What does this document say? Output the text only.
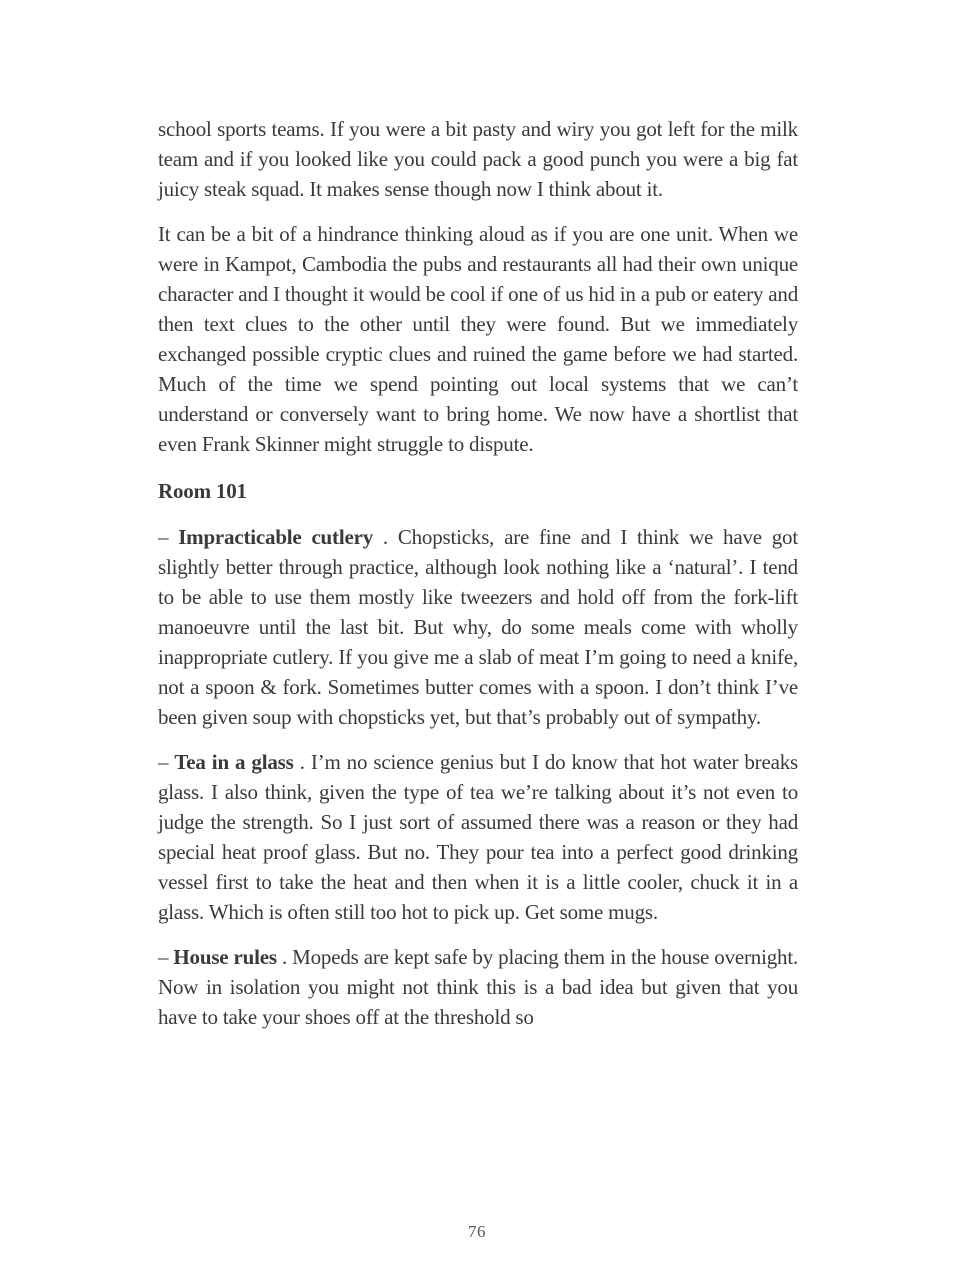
school sports teams. If you were a bit pasty and wiry you got left for the milk team and if you looked like you could pack a good punch you were a big fat juicy steak squad. It makes sense though now I think about it.

It can be a bit of a hindrance thinking aloud as if you are one unit. When we were in Kampot, Cambodia the pubs and restaurants all had their own unique character and I thought it would be cool if one of us hid in a pub or eatery and then text clues to the other until they were found. But we immediately exchanged possible cryptic clues and ruined the game before we had started. Much of the time we spend pointing out local systems that we can’t understand or conversely want to bring home. We now have a shortlist that even Frank Skinner might struggle to dispute.

Room 101

– Impracticable cutlery . Chopsticks, are fine and I think we have got slightly better through practice, although look nothing like a ‘natural’. I tend to be able to use them mostly like tweezers and hold off from the fork-lift manoeuvre until the last bit. But why, do some meals come with wholly inappropriate cutlery. If you give me a slab of meat I’m going to need a knife, not a spoon & fork. Sometimes butter comes with a spoon. I don’t think I’ve been given soup with chopsticks yet, but that’s probably out of sympathy.

– Tea in a glass . I’m no science genius but I do know that hot water breaks glass. I also think, given the type of tea we’re talking about it’s not even to judge the strength. So I just sort of assumed there was a reason or they had special heat proof glass. But no. They pour tea into a perfect good drinking vessel first to take the heat and then when it is a little cooler, chuck it in a glass. Which is often still too hot to pick up. Get some mugs.

– House rules . Mopeds are kept safe by placing them in the house overnight. Now in isolation you might not think this is a bad idea but given that you have to take your shoes off at the threshold so

76
